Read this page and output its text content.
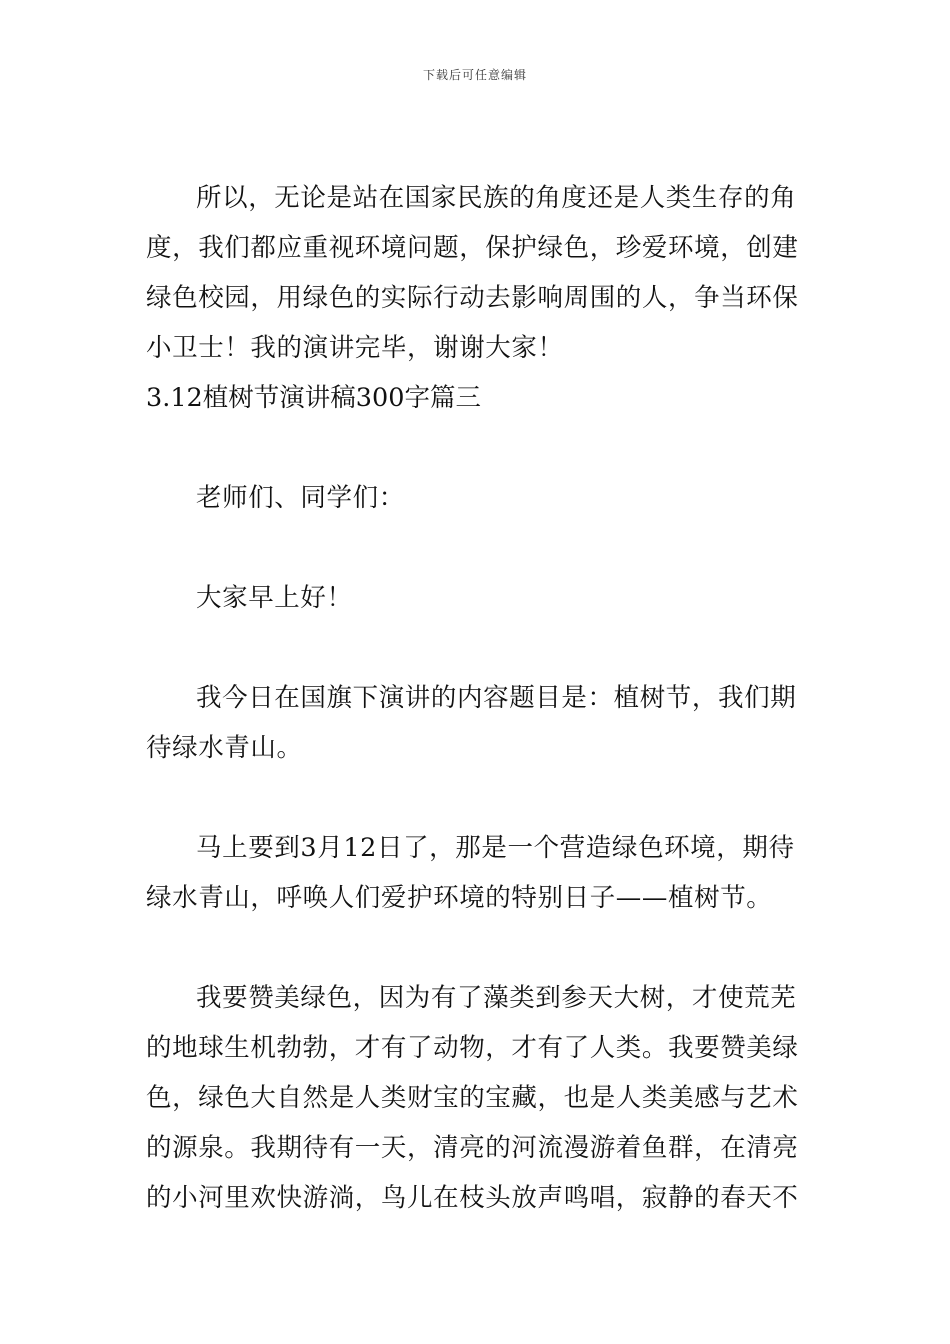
下载后可任意编辑
所以，无论是站在国家民族的角度还是人类生存的角
度，我们都应重视环境问题，保护绿色，珍爱环境，创建
绿色校园，用绿色的实际行动去影响周围的人，争当环保
小卫士！我的演讲完毕，谢谢大家！
3.12植树节演讲稿300字篇三
老师们、同学们：
大家早上好！
我今日在国旗下演讲的内容题目是：植树节，我们期
待绿水青山。
马上要到3月12日了，那是一个营造绿色环境，期待
绿水青山，呼唤人们爱护环境的特别日子——植树节。
我要赞美绿色，因为有了藻类到参天大树，才使荒芜
的地球生机勃勃，才有了动物，才有了人类。我要赞美绿
色，绿色大自然是人类财宝的宝藏，也是人类美感与艺术
的源泉。我期待有一天，清亮的河流漫游着鱼群，在清亮
的小河里欢快游淌，鸟儿在枝头放声鸣唱，寂静的春天不
